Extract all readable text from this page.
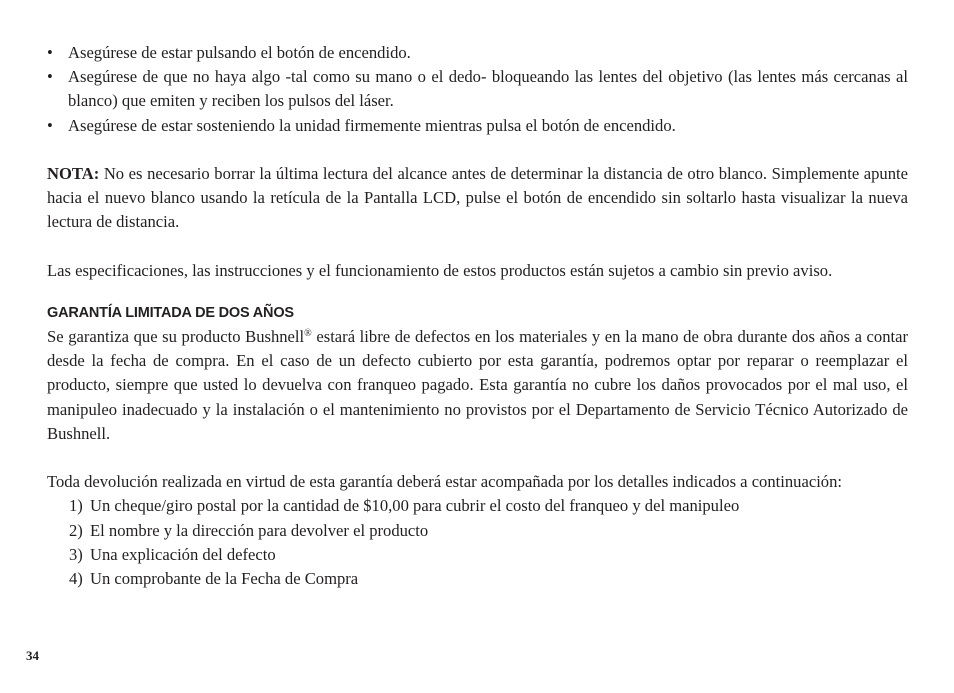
• Asegúrese de estar pulsando el botón de encendido.
• Asegúrese de que no haya algo -tal como su mano o el dedo- bloqueando las lentes del objetivo (las lentes más cercanas al blanco) que emiten y reciben los pulsos del láser.
• Asegúrese de estar sosteniendo la unidad firmemente mientras pulsa el botón de encendido.

NOTA: No es necesario borrar la última lectura del alcance antes de determinar la distancia de otro blanco. Simplemente apunte hacia el nuevo blanco usando la retícula de la Pantalla LCD, pulse el botón de encendido sin soltarlo hasta visualizar la nueva lectura de distancia.

Las especificaciones, las instrucciones y el funcionamiento de estos productos están sujetos a cambio sin previo aviso.

GARANTÍA LIMITADA DE DOS AÑOS

Se garantiza que su producto Bushnell® estará libre de defectos en los materiales y en la mano de obra durante dos años a contar desde la fecha de compra. En el caso de un defecto cubierto por esta garantía, podremos optar por reparar o reemplazar el producto, siempre que usted lo devuelva con franqueo pagado. Esta garantía no cubre los daños provocados por el mal uso, el manipuleo inadecuado y la instalación o el mantenimiento no provistos por el Departamento de Servicio Técnico Autorizado de Bushnell.

Toda devolución realizada en virtud de esta garantía deberá estar acompañada por los detalles indicados a continuación:

1) Un cheque/giro postal por la cantidad de $10,00 para cubrir el costo del franqueo y del manipuleo
2) El nombre y la dirección para devolver el producto
3) Una explicación del defecto
4) Un comprobante de la Fecha de Compra
34
